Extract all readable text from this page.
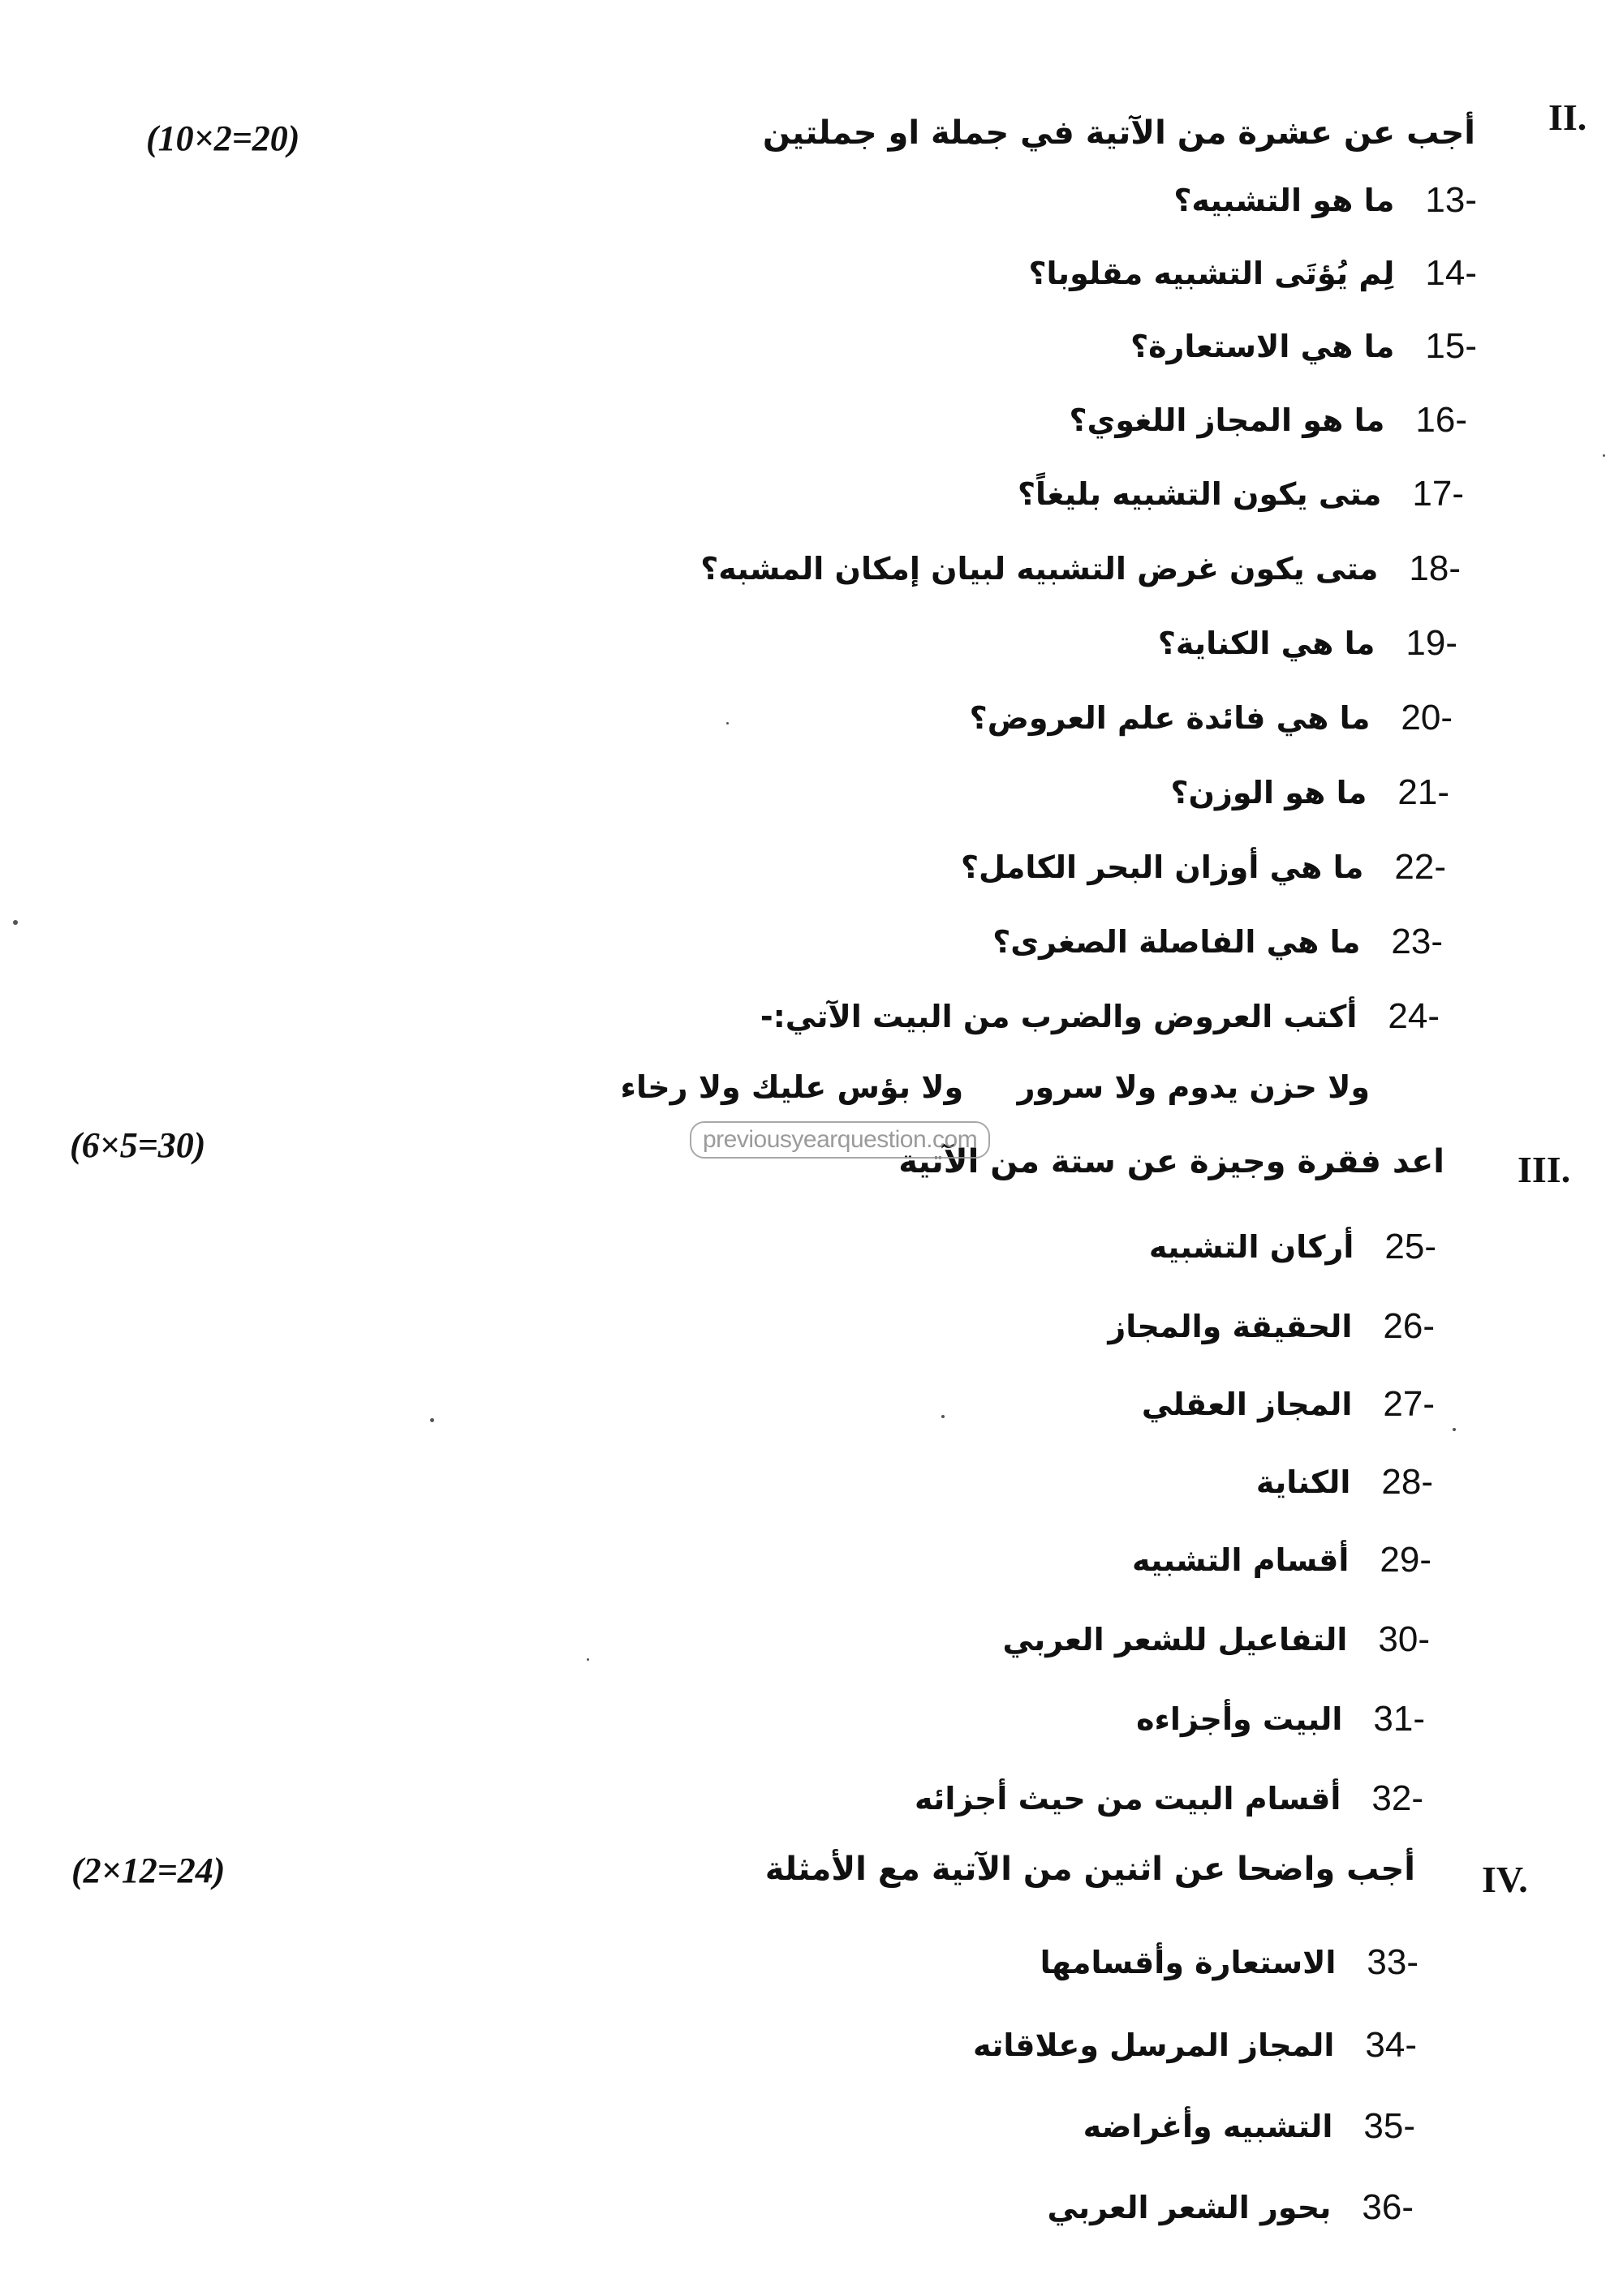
II.
(10×2=20)	أجب عن عشرة من الآتية في جملة او جملتين
13-
ما هو التشبيه؟
14-
لِم يُؤتَى التشبيه مقلوبا؟
15-
ما هي الاستعارة؟
16-
ما هو المجاز اللغوي؟
17-
متى يكون التشبيه بليغاً؟
18-
متى يكون غرض التشبيه لبيان إمكان المشبه؟
19-
ما هي الكناية؟
20-
ما هي فائدة علم العروض؟
21-
ما هو الوزن؟
22-
ما هي أوزان البحر الكامل؟
23-
ما هي الفاصلة الصغرى؟
24-
أكتب العروض والضرب من البيت الآتي:-
ولا حزن يدوم ولا سرور  ولا بؤس عليك ولا رخاء
III.
(6×5=30)	اعد فقرة وجيزة عن ستة من الآتية
previousyearquestion.com
25-
أركان التشبيه
26-
الحقيقة والمجاز
27-
المجاز العقلي
28-
الكناية
29-
أقسام التشبيه
30-
التفاعيل للشعر العربي
31-
البيت وأجزاءه
32-
أقسام البيت من حيث أجزائه
IV.
(2×12=24)	أجب واضحا عن اثنين من الآتية مع الأمثلة
33-
الاستعارة وأقسامها
34-
المجاز المرسل وعلاقاته
35-
التشبيه وأغراضه
36-
بحور الشعر العربي
